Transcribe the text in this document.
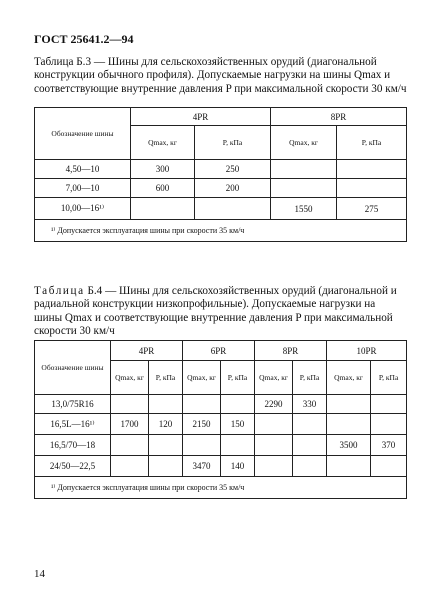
ГОСТ 25641.2—94
Таблица Б.3 — Шины для сельскохозяйственных орудий (диагональной конструкции обычного профиля). Допускаемые нагрузки на шины Qmax и соответствующие внутренние давления P при максимальной скорости 30 км/ч
Обозначение шины	4PR		8PR	
	Qmax, кг	P, кПа	Qmax, кг	P, кПа
4,50—10	300	250		
7,00—10	600	200		
10,00—16¹⁾			1550	275
¹⁾ Допускается эксплуатация шины при скорости 35 км/ч				
Таблица Б.4 — Шины для сельскохозяйственных орудий (диагональной и радиальной конструкции низкопрофильные). Допускаемые нагрузки на шины Qmax и соответствующие внутренние давления P при максимальной скорости 30 км/ч
Обозначение шины	4PR		6PR		8PR		10PR	
	Qmax, кг	P, кПа	Qmax, кг	P, кПа	Qmax, кг	P, кПа	Qmax, кг	P, кПа
13,0/75R16					2290	330		
16,5L—16¹⁾	1700	120	2150	150				
16,5/70—18							3500	370
24/50—22,5			3470	140				
¹⁾ Допускается эксплуатация шины при скорости 35 км/ч								
14
